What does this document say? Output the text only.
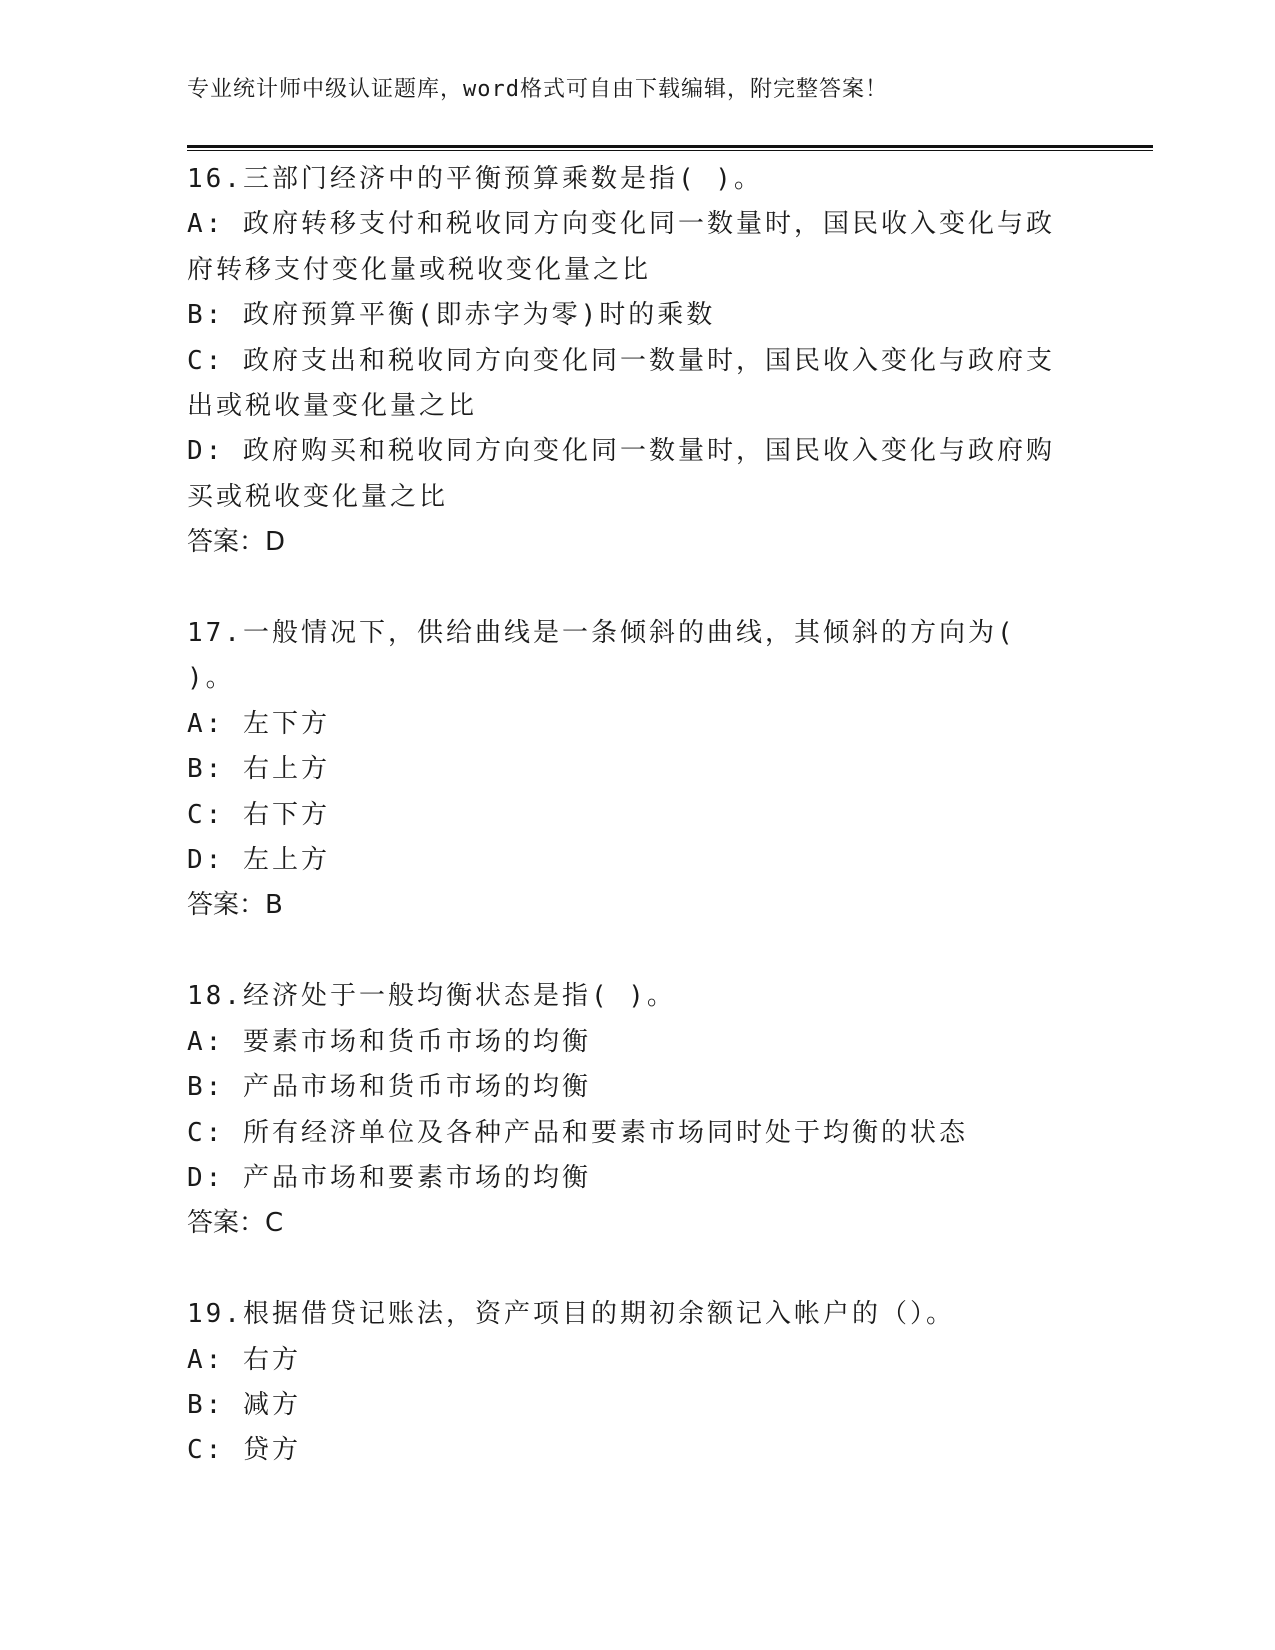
专业统计师中级认证题库，word格式可自由下载编辑，附完整答案！

16.三部门经济中的平衡预算乘数是指( )。

A: 政府转移支付和税收同方向变化同一数量时，国民收入变化与政府转移支付变化量或税收变化量之比

B: 政府预算平衡(即赤字为零)时的乘数

C: 政府支出和税收同方向变化同一数量时，国民收入变化与政府支出或税收量变化量之比

D: 政府购买和税收同方向变化同一数量时，国民收入变化与政府购买或税收变化量之比

答案：D

17.一般情况下，供给曲线是一条倾斜的曲线，其倾斜的方向为( )。

A: 左下方

B: 右上方

C: 右下方

D: 左上方

答案：B

18.经济处于一般均衡状态是指( )。

A: 要素市场和货币市场的均衡

B: 产品市场和货币市场的均衡

C: 所有经济单位及各种产品和要素市场同时处于均衡的状态

D: 产品市场和要素市场的均衡

答案：C

19.根据借贷记账法，资产项目的期初余额记入帐户的（）。

A: 右方

B: 减方

C: 贷方
